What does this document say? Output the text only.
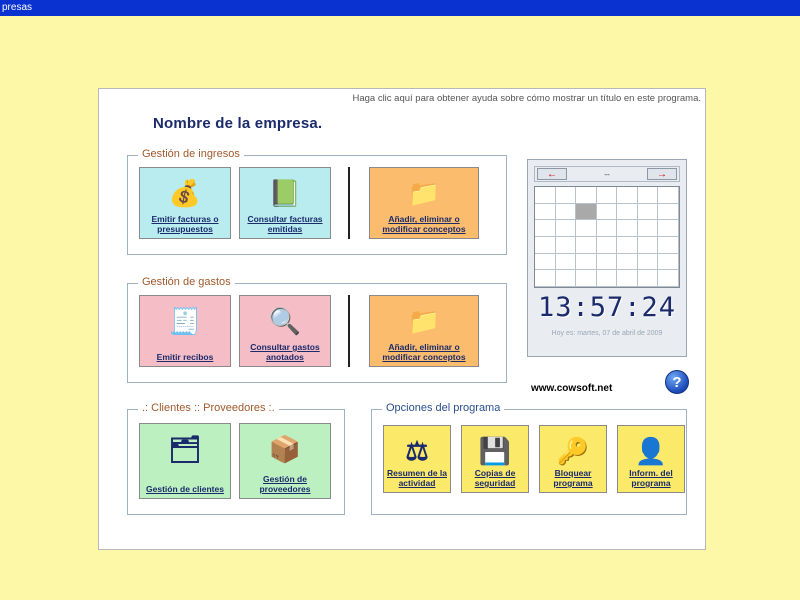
presas
Haga clic aquí para obtener ayuda sobre cómo mostrar un título en este programa.
Nombre de la empresa.
Gestión de ingresos
💰
Emitir facturas o presupuestos
📗
Consultar facturas emitidas
📁
Añadir, eliminar o modificar conceptos
Gestión de gastos
🧾
Emitir recibos
🔍
Consultar gastos anotados
📁
Añadir, eliminar o modificar conceptos
.: Clientes :: Proveedores :.
🗂
Gestión de clientes
📦
Gestión de proveedores
Opciones del programa
⚖
Resumen de la actividad
💾
Copias de seguridad
🔑
Bloquear programa
👤
Inform. del programa
←	--	→
13:57:24
Hoy es: martes, 07 de abril de 2009
www.cowsoft.net	?
